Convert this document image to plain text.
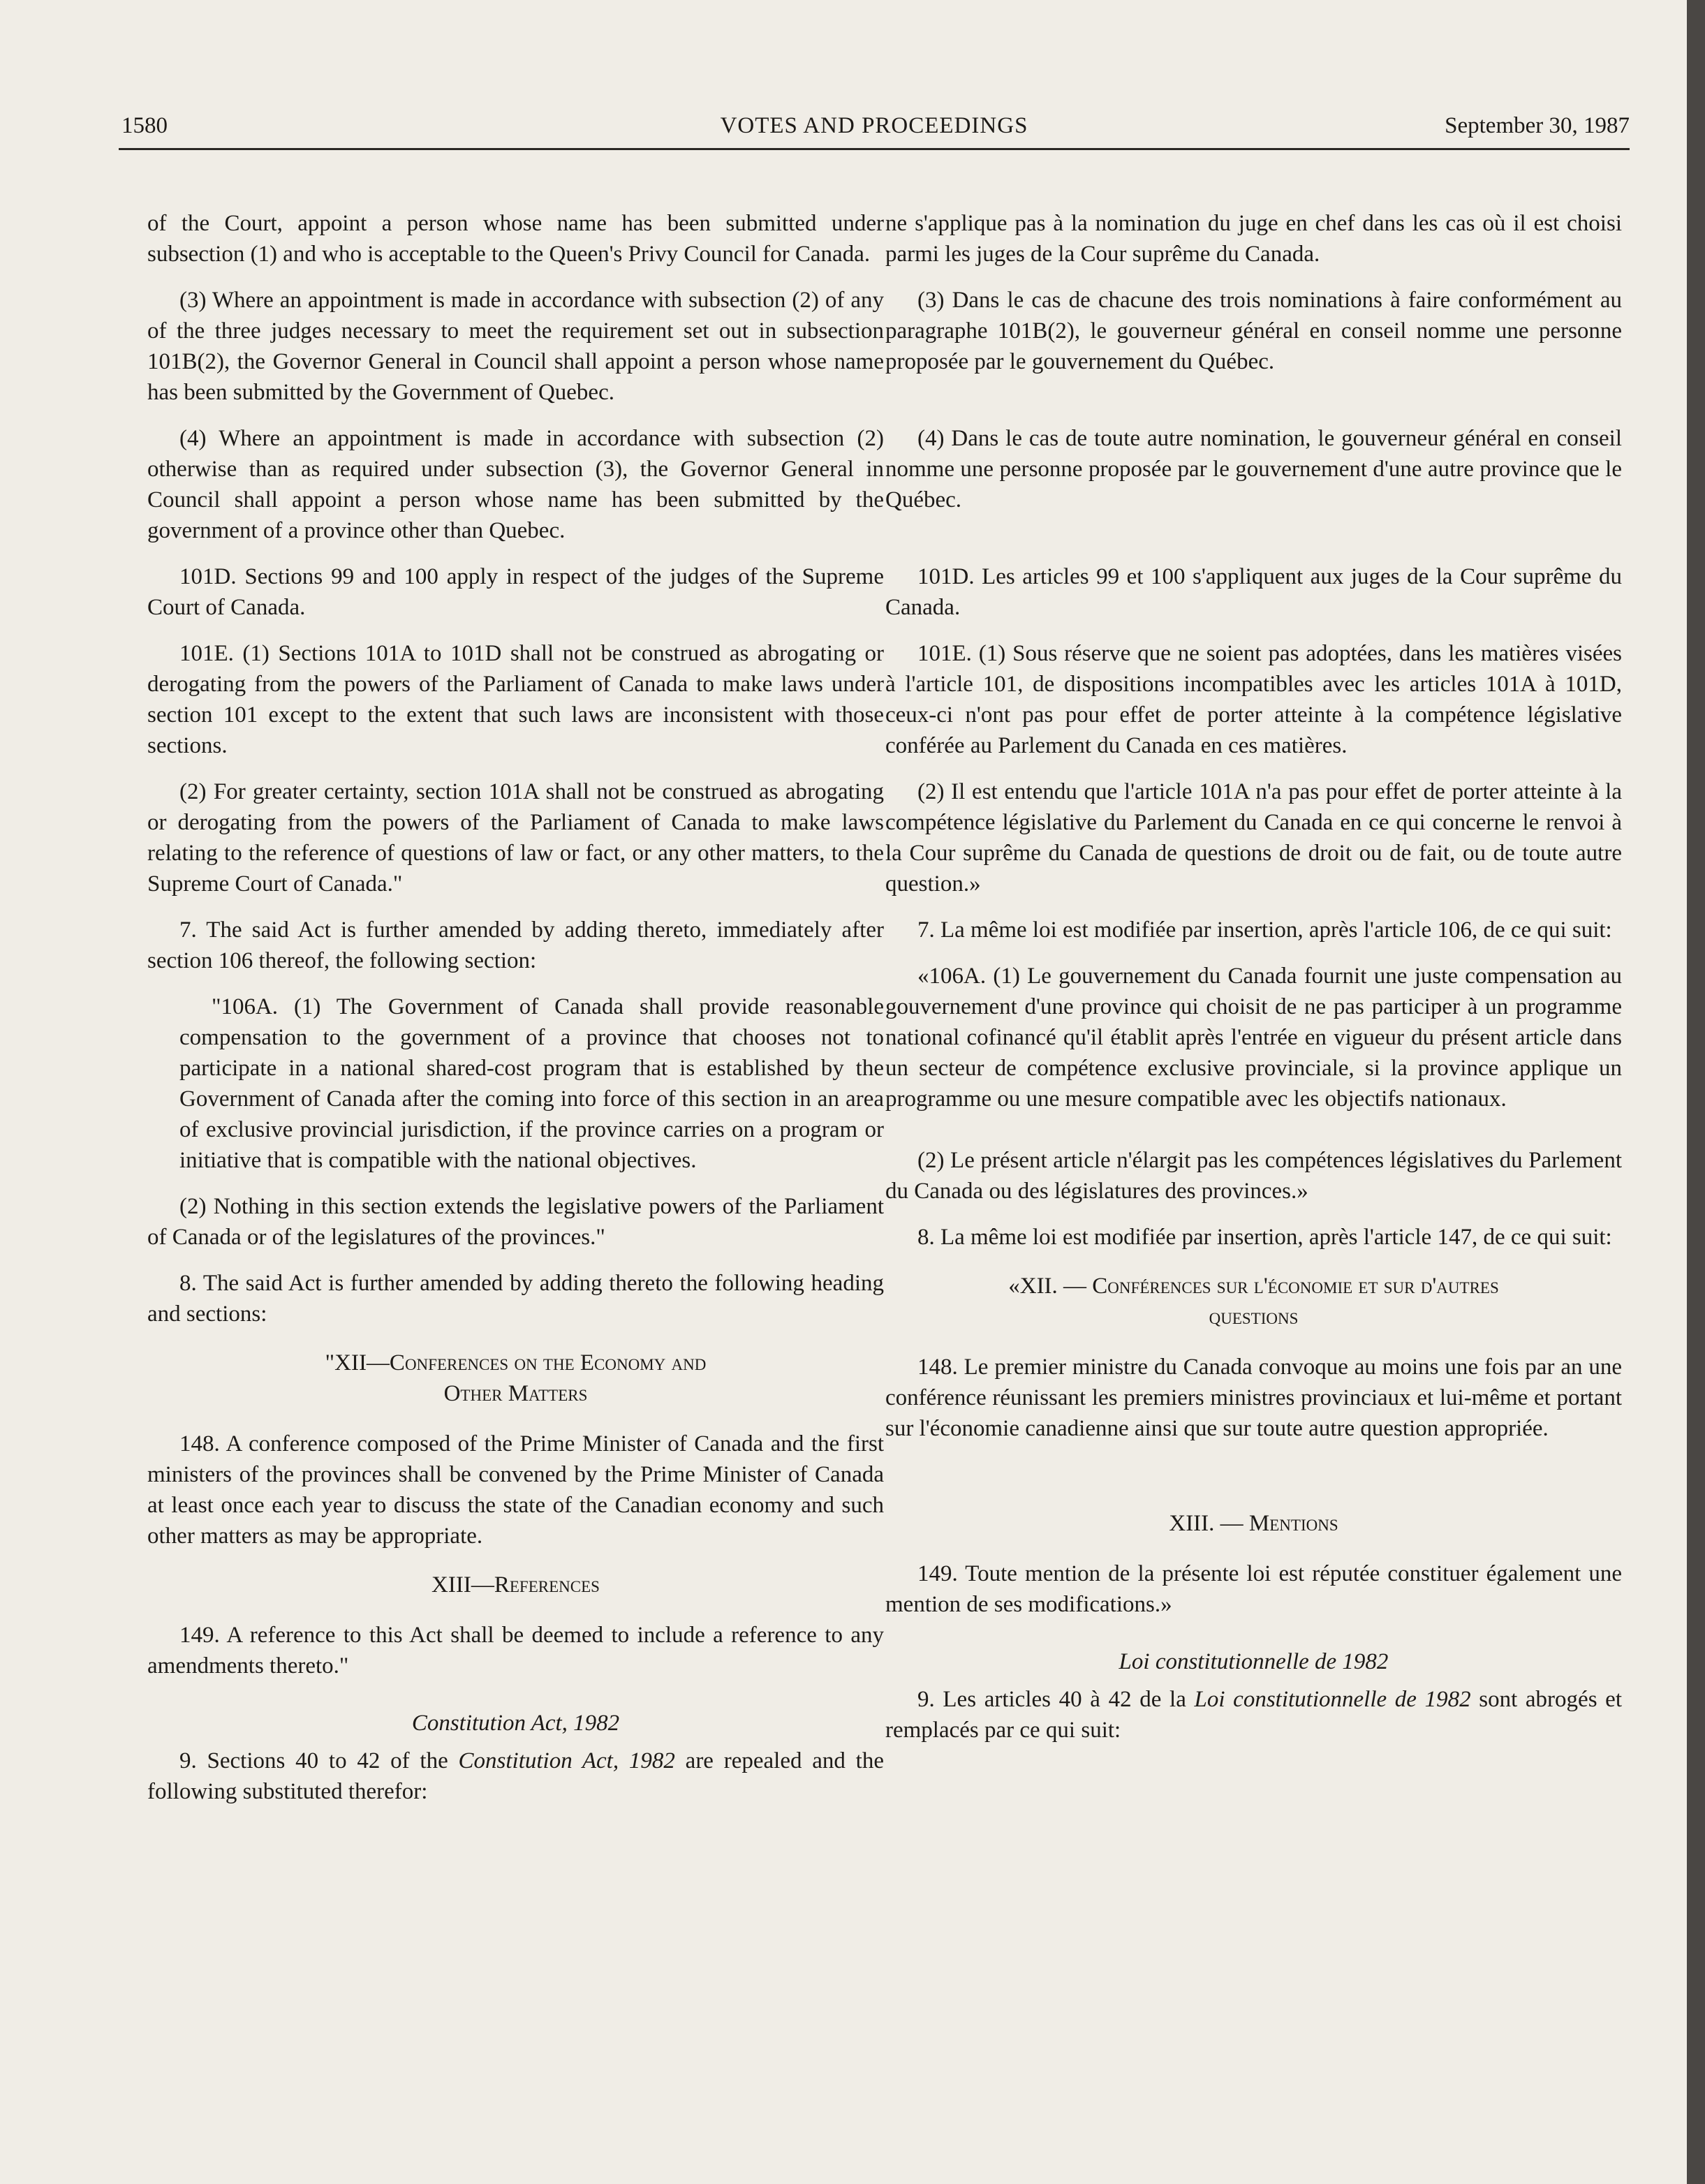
1580	VOTES AND PROCEEDINGS	September 30, 1987

of the Court, appoint a person whose name has been submitted under subsection (1) and who is acceptable to the Queen's Privy Council for Canada.

(3) Where an appointment is made in accordance with subsection (2) of any of the three judges necessary to meet the requirement set out in subsection 101B(2), the Governor General in Council shall appoint a person whose name has been submitted by the Government of Quebec.

(4) Where an appointment is made in accordance with subsection (2) otherwise than as required under subsection (3), the Governor General in Council shall appoint a person whose name has been submitted by the government of a province other than Quebec.

101D. Sections 99 and 100 apply in respect of the judges of the Supreme Court of Canada.

101E. (1) Sections 101A to 101D shall not be construed as abrogating or derogating from the powers of the Parliament of Canada to make laws under section 101 except to the extent that such laws are inconsistent with those sections.

(2) For greater certainty, section 101A shall not be construed as abrogating or derogating from the powers of the Parliament of Canada to make laws relating to the reference of questions of law or fact, or any other matters, to the Supreme Court of Canada."

7. The said Act is further amended by adding thereto, immediately after section 106 thereof, the following section:

"106A. (1) The Government of Canada shall provide reasonable compensation to the government of a province that chooses not to participate in a national shared-cost program that is established by the Government of Canada after the coming into force of this section in an area of exclusive provincial jurisdiction, if the province carries on a program or initiative that is compatible with the national objectives.

(2) Nothing in this section extends the legislative powers of the Parliament of Canada or of the legislatures of the provinces."

8. The said Act is further amended by adding thereto the following heading and sections:

"XII—Conferences on the Economy and
Other Matters

148. A conference composed of the Prime Minister of Canada and the first ministers of the provinces shall be convened by the Prime Minister of Canada at least once each year to discuss the state of the Canadian economy and such other matters as may be appropriate.

XIII—References

149. A reference to this Act shall be deemed to include a reference to any amendments thereto."

Constitution Act, 1982

9. Sections 40 to 42 of the Constitution Act, 1982 are repealed and the following substituted therefor:

ne s'applique pas à la nomination du juge en chef dans les cas où il est choisi parmi les juges de la Cour suprême du Canada.

(3) Dans le cas de chacune des trois nominations à faire conformément au paragraphe 101B(2), le gouverneur général en conseil nomme une personne proposée par le gouvernement du Québec.

(4) Dans le cas de toute autre nomination, le gouverneur général en conseil nomme une personne proposée par le gouvernement d'une autre province que le Québec.

101D. Les articles 99 et 100 s'appliquent aux juges de la Cour suprême du Canada.

101E. (1) Sous réserve que ne soient pas adoptées, dans les matières visées à l'article 101, de dispositions incompatibles avec les articles 101A à 101D, ceux-ci n'ont pas pour effet de porter atteinte à la compétence législative conférée au Parlement du Canada en ces matières.

(2) Il est entendu que l'article 101A n'a pas pour effet de porter atteinte à la compétence législative du Parlement du Canada en ce qui concerne le renvoi à la Cour suprême du Canada de questions de droit ou de fait, ou de toute autre question.»

7. La même loi est modifiée par insertion, après l'article 106, de ce qui suit:

«106A. (1) Le gouvernement du Canada fournit une juste compensation au gouvernement d'une province qui choisit de ne pas participer à un programme national cofinancé qu'il établit après l'entrée en vigueur du présent article dans un secteur de compétence exclusive provinciale, si la province applique un programme ou une mesure compatible avec les objectifs nationaux.

(2) Le présent article n'élargit pas les compétences législatives du Parlement du Canada ou des législatures des provinces.»

8. La même loi est modifiée par insertion, après l'article 147, de ce qui suit:

«XII. — Conférences sur l'économie et sur d'autres
questions

148. Le premier ministre du Canada convoque au moins une fois par an une conférence réunissant les premiers ministres provinciaux et lui-même et portant sur l'économie canadienne ainsi que sur toute autre question appropriée.

XIII. — Mentions

149. Toute mention de la présente loi est réputée constituer également une mention de ses modifications.»

Loi constitutionnelle de 1982

9. Les articles 40 à 42 de la Loi constitutionnelle de 1982 sont abrogés et remplacés par ce qui suit:
